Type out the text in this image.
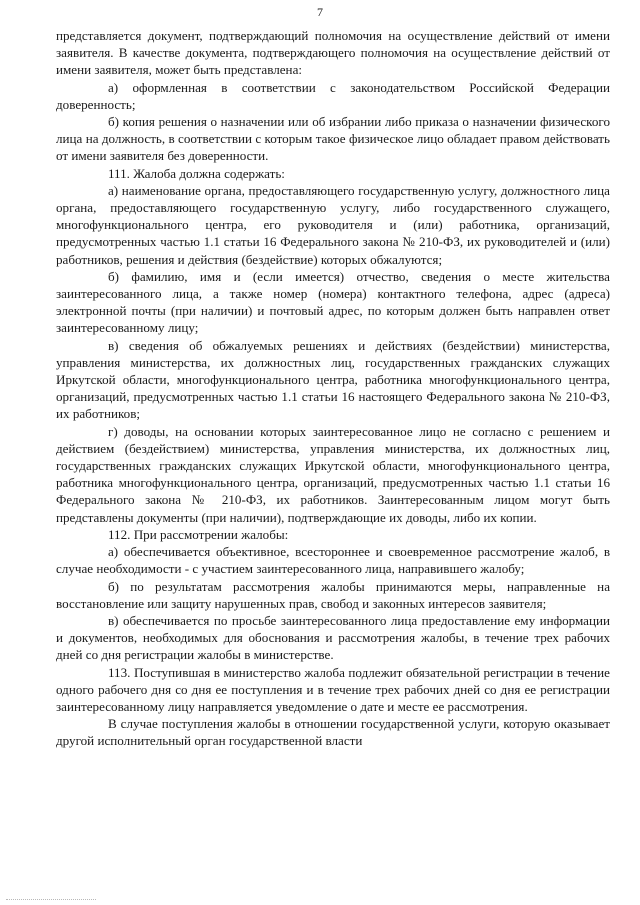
7

представляется документ, подтверждающий полномочия на осуществление действий от имени заявителя. В качестве документа, подтверждающего полномочия на осуществление действий от имени заявителя, может быть представлена:

а) оформленная в соответствии с законодательством Российской Федерации доверенность;

б) копия решения о назначении или об избрании либо приказа о назначении физического лица на должность, в соответствии с которым такое физическое лицо обладает правом действовать от имени заявителя без доверенности.

111. Жалоба должна содержать:

а) наименование органа, предоставляющего государственную услугу, должностного лица органа, предоставляющего государственную услугу, либо государственного служащего, многофункционального центра, его руководителя и (или) работника, организаций, предусмотренных частью 1.1 статьи 16 Федерального закона № 210-ФЗ, их руководителей и (или) работников, решения и действия (бездействие) которых обжалуются;

б) фамилию, имя и (если имеется) отчество, сведения о месте жительства заинтересованного лица, а также номер (номера) контактного телефона, адрес (адреса) электронной почты (при наличии) и почтовый адрес, по которым должен быть направлен ответ заинтересованному лицу;

в) сведения об обжалуемых решениях и действиях (бездействии) министерства, управления министерства, их должностных лиц, государственных гражданских служащих Иркутской области, многофункционального центра, работника многофункционального центра, организаций, предусмотренных частью 1.1 статьи 16 настоящего Федерального закона № 210-ФЗ, их работников;

г) доводы, на основании которых заинтересованное лицо не согласно с решением и действием (бездействием) министерства, управления министерства, их должностных лиц, государственных гражданских служащих Иркутской области, многофункционального центра, работника многофункционального центра, организаций, предусмотренных частью 1.1 статьи 16 Федерального закона № 210-ФЗ, их работников. Заинтересованным лицом могут быть представлены документы (при наличии), подтверждающие их доводы, либо их копии.

112. При рассмотрении жалобы:

а) обеспечивается объективное, всестороннее и своевременное рассмотрение жалоб, в случае необходимости - с участием заинтересованного лица, направившего жалобу;

б) по результатам рассмотрения жалобы принимаются меры, направленные на восстановление или защиту нарушенных прав, свобод и законных интересов заявителя;

в) обеспечивается по просьбе заинтересованного лица предоставление ему информации и документов, необходимых для обоснования и рассмотрения жалобы, в течение трех рабочих дней со дня регистрации жалобы в министерстве.

113. Поступившая в министерство жалоба подлежит обязательной регистрации в течение одного рабочего дня со дня ее поступления и в течение трех рабочих дней со дня ее регистрации заинтересованному лицу направляется уведомление о дате и месте ее рассмотрения.

В случае поступления жалобы в отношении государственной услуги, которую оказывает другой исполнительный орган государственной власти
